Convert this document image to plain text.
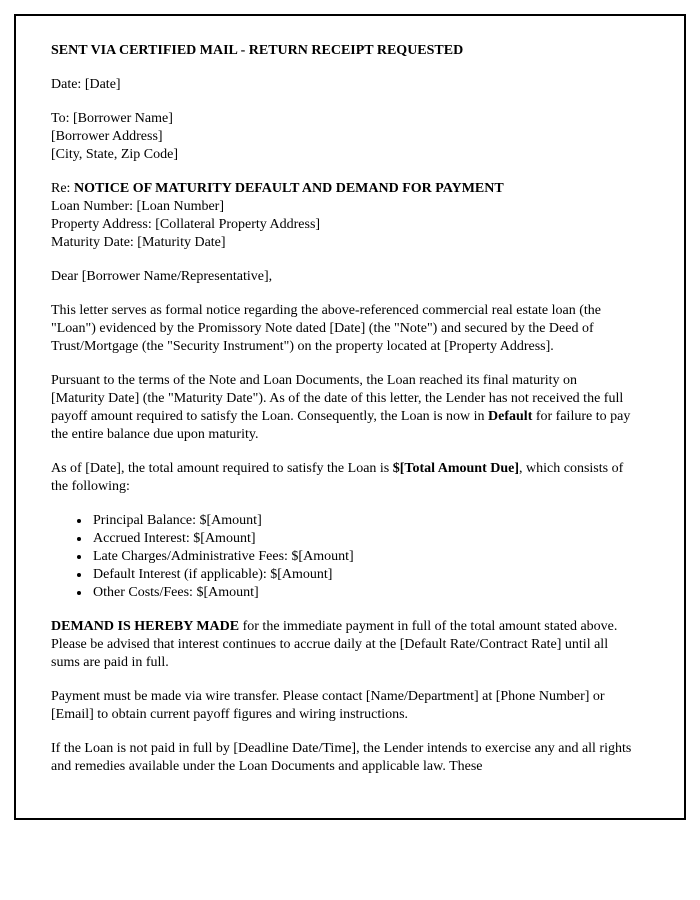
SENT VIA CERTIFIED MAIL - RETURN RECEIPT REQUESTED

Date: [Date]

To: [Borrower Name]
[Borrower Address]
[City, State, Zip Code]
Re: NOTICE OF MATURITY DEFAULT AND DEMAND FOR PAYMENT
Loan Number: [Loan Number]
Property Address: [Collateral Property Address]
Maturity Date: [Maturity Date]

Dear [Borrower Name/Representative],

This letter serves as formal notice regarding the above-referenced commercial real estate loan (the "Loan") evidenced by the Promissory Note dated [Date] (the "Note") and secured by the Deed of Trust/Mortgage (the "Security Instrument") on the property located at [Property Address].

Pursuant to the terms of the Note and Loan Documents, the Loan reached its final maturity on [Maturity Date] (the "Maturity Date"). As of the date of this letter, the Lender has not received the full payoff amount required to satisfy the Loan. Consequently, the Loan is now in Default for failure to pay the entire balance due upon maturity.

As of [Date], the total amount required to satisfy the Loan is $[Total Amount Due], which consists of the following:

• Principal Balance: $[Amount]
• Accrued Interest: $[Amount]
• Late Charges/Administrative Fees: $[Amount]
• Default Interest (if applicable): $[Amount]
• Other Costs/Fees: $[Amount]

DEMAND IS HEREBY MADE for the immediate payment in full of the total amount stated above. Please be advised that interest continues to accrue daily at the [Default Rate/Contract Rate] until all sums are paid in full.

Payment must be made via wire transfer. Please contact [Name/Department] at [Phone Number] or [Email] to obtain current payoff figures and wiring instructions.

If the Loan is not paid in full by [Deadline Date/Time], the Lender intends to exercise any and all rights and remedies available under the Loan Documents and applicable law. These
